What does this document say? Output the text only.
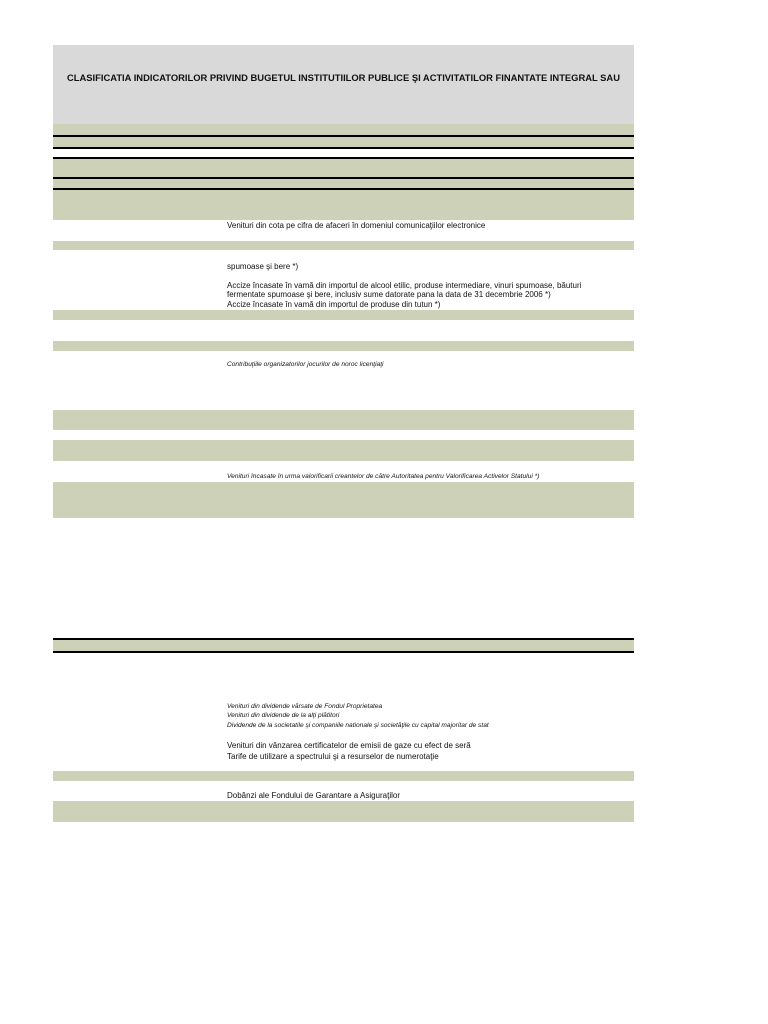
CLASIFICATIA INDICATORILOR PRIVIND BUGETUL INSTITUTIILOR PUBLICE ŞI ACTIVITATILOR FINANTATE INTEGRAL SAU
Venituri din cota pe cifra de afaceri în domeniul comunicaţiilor electronice
spumoase şi bere *)
Accize încasate în vamă din importul de alcool etilic, produse intermediare, vinuri spumoase, băuturi
fermentate spumoase şi bere, inclusiv sume datorate pana la data de 31 decembrie 2006 *)
Accize încasate în vamă din importul de produse din tutun *)
Contribuţiile organizatorilor jocurilor de noroc licenţiaţi
Venituri încasate în urma valorificarii creantelor de către Autoritatea pentru Valorificarea Activelor Statului *)
Venituri din dividende vărsate de Fondul Proprietatea
Venituri din dividende de la alţi plătitori
Dividende de la societatile şi companiile nationale şi societăţile cu capital majoritar de stat
Venituri din vânzarea certificatelor de emisii de gaze cu efect de seră
Tarife de utilizare a spectrului şi a resurselor de numerotaţie
Dobânzi ale Fondului de Garantare a Asiguraţilor
